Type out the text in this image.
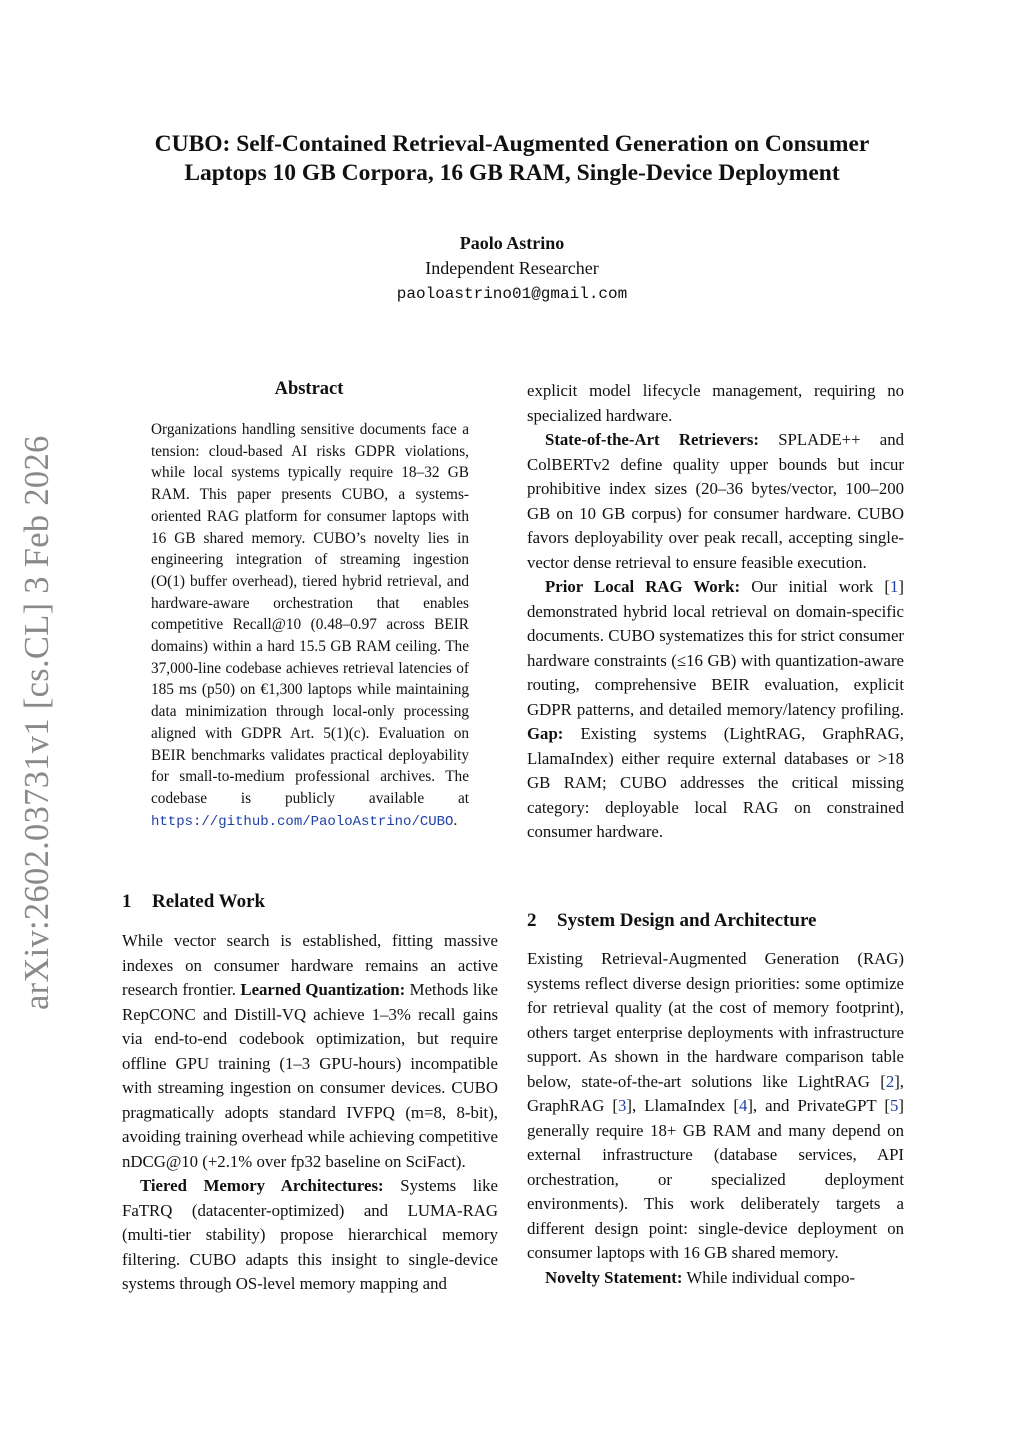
arXiv:2602.03731v1 [cs.CL] 3 Feb 2026
CUBO: Self-Contained Retrieval-Augmented Generation on Consumer
Laptops 10 GB Corpora, 16 GB RAM, Single-Device Deployment
Paolo Astrino
Independent Researcher
paoloastrino01@gmail.com
Abstract
Organizations handling sensitive documents face a tension: cloud-based AI risks GDPR violations, while local systems typically require 18–32 GB RAM. This paper presents CUBO, a systems-oriented RAG platform for consumer laptops with 16 GB shared memory. CUBO’s novelty lies in engineering integration of streaming ingestion (O(1) buffer overhead), tiered hybrid retrieval, and hardware-aware orchestration that enables competitive Recall@10 (0.48–0.97 across BEIR domains) within a hard 15.5 GB RAM ceiling. The 37,000-line codebase achieves retrieval latencies of 185 ms (p50) on €1,300 laptops while maintaining data minimization through local-only processing aligned with GDPR Art. 5(1)(c). Evaluation on BEIR benchmarks validates practical deployability for small-to-medium professional archives. The codebase is publicly available at https://github.com/PaoloAstrino/CUBO.
1 Related Work

While vector search is established, fitting massive indexes on consumer hardware remains an active research frontier. Learned Quantization: Methods like RepCONC and Distill-VQ achieve 1–3% recall gains via end-to-end codebook optimization, but require offline GPU training (1–3 GPU-hours) incompatible with streaming ingestion on consumer devices. CUBO pragmatically adopts standard IVFPQ (m=8, 8-bit), avoiding training overhead while achieving competitive nDCG@10 (+2.1% over fp32 baseline on SciFact).

Tiered Memory Architectures: Systems like FaTRQ (datacenter-optimized) and LUMA-RAG (multi-tier stability) propose hierarchical memory filtering. CUBO adapts this insight to single-device systems through OS-level memory mapping and

explicit model lifecycle management, requiring no specialized hardware.

State-of-the-Art Retrievers: SPLADE++ and ColBERTv2 define quality upper bounds but incur prohibitive index sizes (20–36 bytes/vector, 100–200 GB on 10 GB corpus) for consumer hardware. CUBO favors deployability over peak recall, accepting single-vector dense retrieval to ensure feasible execution.

Prior Local RAG Work: Our initial work [1] demonstrated hybrid local retrieval on domain-specific documents. CUBO systematizes this for strict consumer hardware constraints (≤16 GB) with quantization-aware routing, comprehensive BEIR evaluation, explicit GDPR patterns, and detailed memory/latency profiling. Gap: Existing systems (LightRAG, GraphRAG, LlamaIndex) either require external databases or >18 GB RAM; CUBO addresses the critical missing category: deployable local RAG on constrained consumer hardware.

2 System Design and Architecture

Existing Retrieval-Augmented Generation (RAG) systems reflect diverse design priorities: some optimize for retrieval quality (at the cost of memory footprint), others target enterprise deployments with infrastructure support. As shown in the hardware comparison table below, state-of-the-art solutions like LightRAG [2], GraphRAG [3], LlamaIndex [4], and PrivateGPT [5] generally require 18+ GB RAM and many depend on external infrastructure (database services, API orchestration, or specialized deployment environments). This work deliberately targets a different design point: single-device deployment on consumer laptops with 16 GB shared memory.

Novelty Statement: While individual compo-
